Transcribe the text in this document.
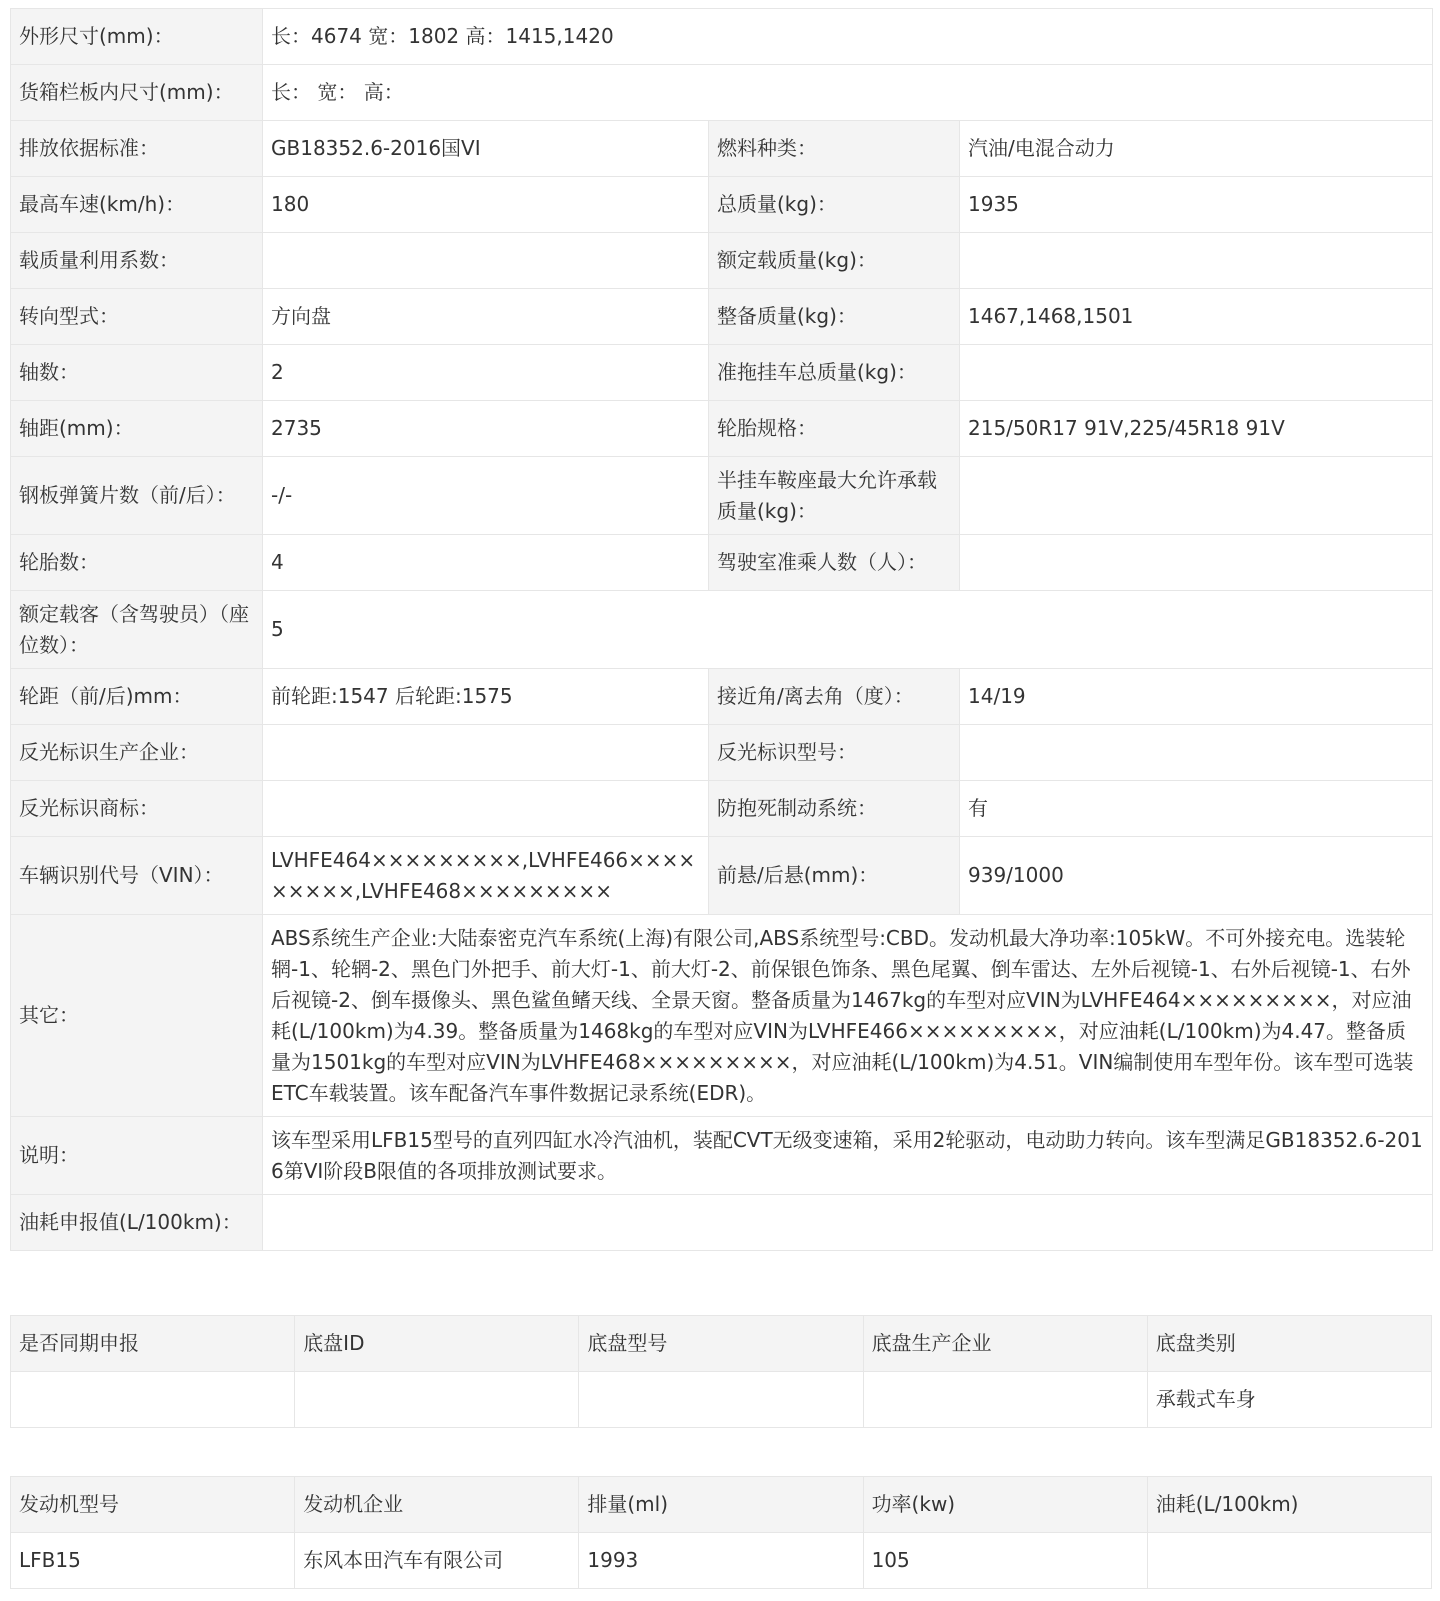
外形尺寸(mm)：	长：4674 宽：1802 高：1415,1420		
货箱栏板内尺寸(mm)：	长： 宽： 高：		
排放依据标准：	GB18352.6-2016国VI	燃料种类：	汽油/电混合动力
最高车速(km/h)：	180	总质量(kg)：	1935
载质量利用系数：		额定载质量(kg)：	
转向型式：	方向盘	整备质量(kg)：	1467,1468,1501
轴数：	2	准拖挂车总质量(kg)：	
轴距(mm)：	2735	轮胎规格：	215/50R17 91V,225/45R18 91V
钢板弹簧片数（前/后）：	-/-	半挂车鞍座最大允许承载质量(kg)：	
轮胎数：	4	驾驶室准乘人数（人）：	
额定载客（含驾驶员）（座位数）：	5		
轮距（前/后)mm：	前轮距:1547 后轮距:1575	接近角/离去角（度）：	14/19
反光标识生产企业：		反光标识型号：	
反光标识商标：		防抱死制动系统：	有
车辆识别代号（VIN）：	LVHFE464×××××××××,LVHFE466×××××××××,LVHFE468×××××××××	前悬/后悬(mm)：	939/1000
其它：	ABS系统生产企业:大陆泰密克汽车系统(上海)有限公司,ABS系统型号:CBD。发动机最大净功率:105kW。不可外接充电。选装轮辋-1、轮辋-2、黑色门外把手、前大灯-1、前大灯-2、前保银色饰条、黑色尾翼、倒车雷达、左外后视镜-1、右外后视镜-1、右外后视镜-2、倒车摄像头、黑色鲨鱼鳍天线、全景天窗。整备质量为1467kg的车型对应VIN为LVHFE464×××××××××，对应油耗(L/100km)为4.39。整备质量为1468kg的车型对应VIN为LVHFE466×××××××××，对应油耗(L/100km)为4.47。整备质量为1501kg的车型对应VIN为LVHFE468×××××××××，对应油耗(L/100km)为4.51。VIN编制使用车型年份。该车型可选装ETC车载装置。该车配备汽车事件数据记录系统(EDR)。		
说明：	该车型采用LFB15型号的直列四缸水冷汽油机，装配CVT无级变速箱，采用2轮驱动，电动助力转向。该车型满足GB18352.6-2016第VI阶段B限值的各项排放测试要求。		
油耗申报值(L/100km)：			
是否同期申报	底盘ID	底盘型号	底盘生产企业	底盘类别
				承载式车身
发动机型号	发动机企业	排量(ml)	功率(kw)	油耗(L/100km)
LFB15	东风本田汽车有限公司	1993	105	
